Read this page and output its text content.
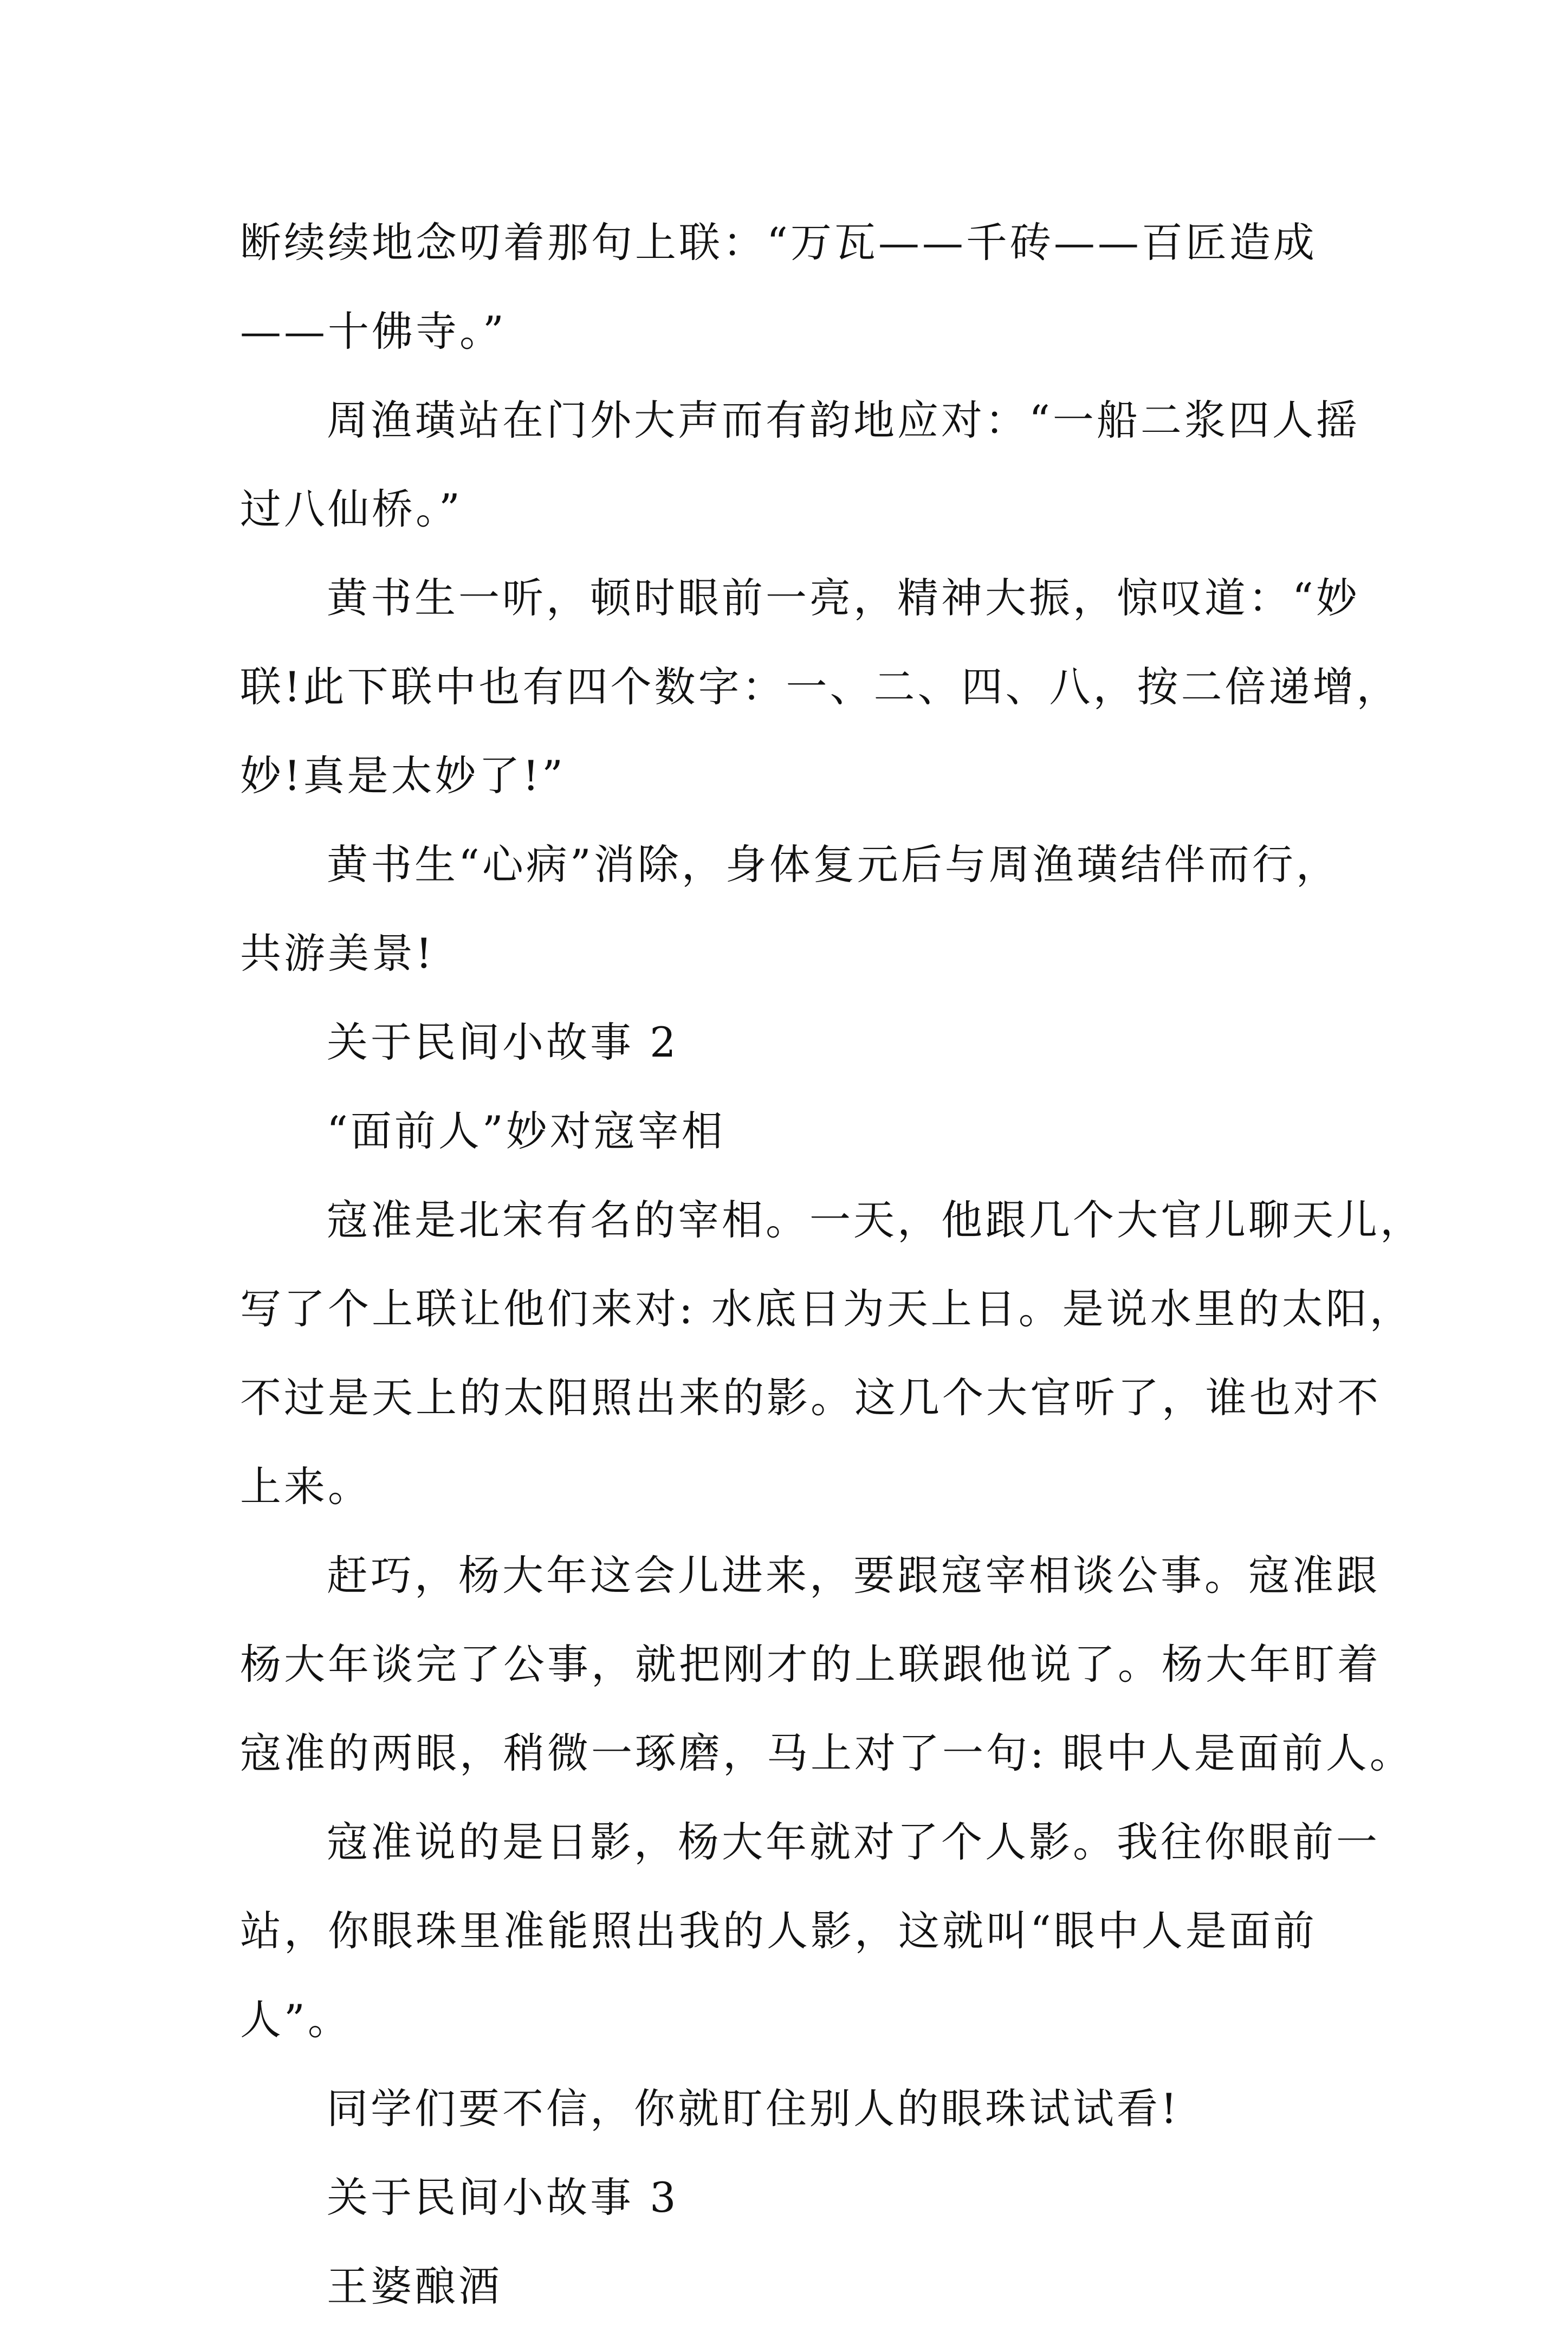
断续续地念叨着那句上联：“万瓦——千砖——百匠造成
——十佛寺。”
周渔璜站在门外大声而有韵地应对：“一船二浆四人摇
过八仙桥。”
黄书生一听，顿时眼前一亮，精神大振，惊叹道：“妙
联!此下联中也有四个数字：一、二、四、八，按二倍递增，
妙!真是太妙了!”
黄书生“心病”消除，身体复元后与周渔璜结伴而行，
共游美景!
关于民间小故事 2
“面前人”妙对寇宰相
寇准是北宋有名的宰相。一天，他跟几个大官儿聊天儿，
写了个上联让他们来对: 水底日为天上日。是说水里的太阳，
不过是天上的太阳照出来的影。这几个大官听了，谁也对不
上来。
赶巧，杨大年这会儿进来，要跟寇宰相谈公事。寇准跟
杨大年谈完了公事，就把刚才的上联跟他说了。杨大年盯着
寇准的两眼，稍微一琢磨，马上对了一句: 眼中人是面前人。
寇准说的是日影，杨大年就对了个人影。我往你眼前一
站，你眼珠里准能照出我的人影，这就叫“眼中人是面前
人”。
同学们要不信，你就盯住别人的眼珠试试看!
关于民间小故事 3
王婆酿酒
